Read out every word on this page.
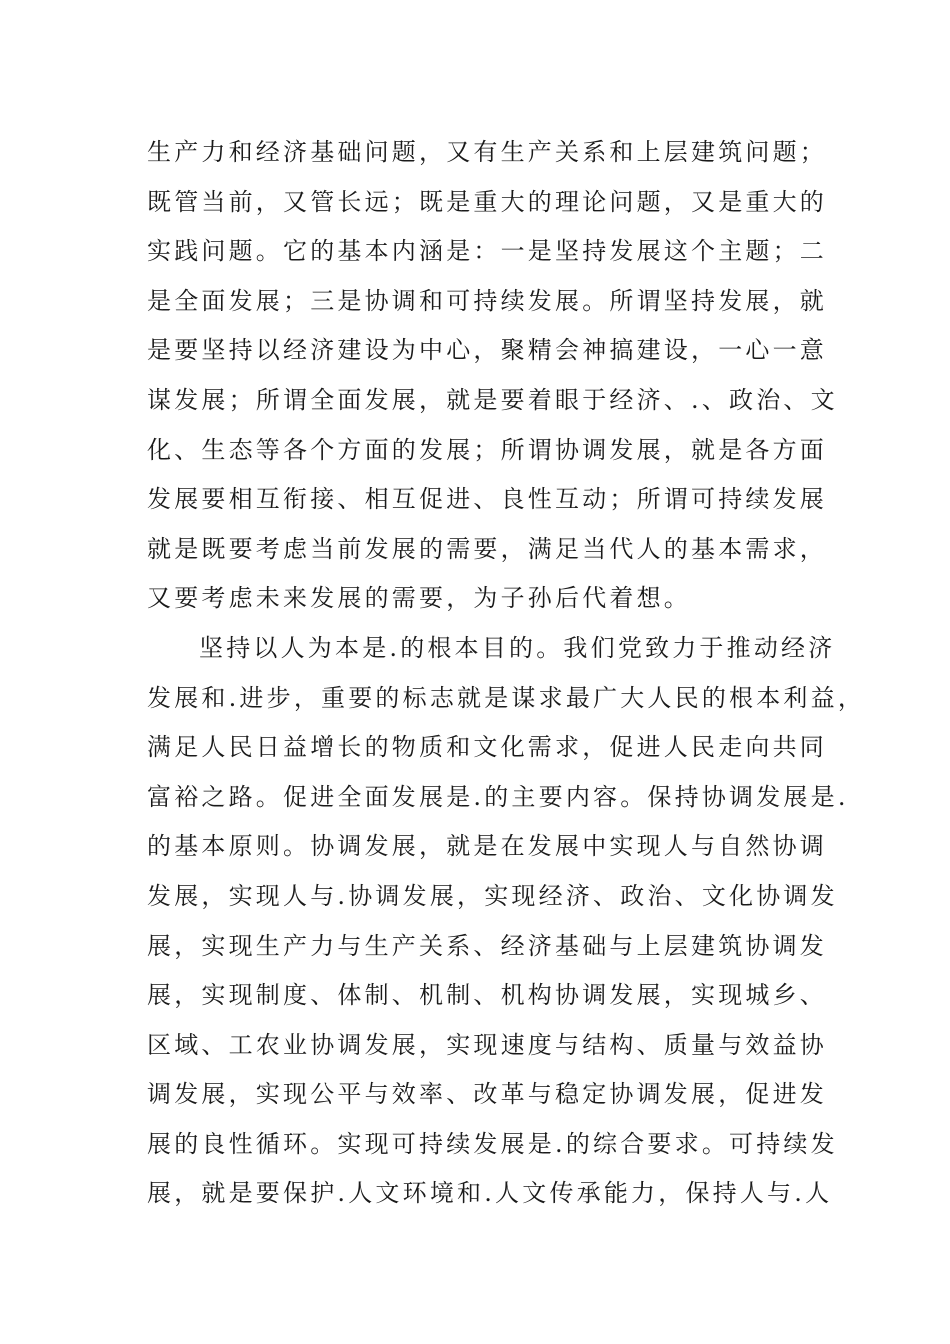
生产力和经济基础问题，又有生产关系和上层建筑问题；
既管当前，又管长远；既是重大的理论问题，又是重大的
实践问题。它的基本内涵是：一是坚持发展这个主题；二
是全面发展；三是协调和可持续发展。所谓坚持发展，就
是要坚持以经济建设为中心，聚精会神搞建设，一心一意
谋发展；所谓全面发展，就是要着眼于经济、.、政治、文
化、生态等各个方面的发展；所谓协调发展，就是各方面
发展要相互衔接、相互促进、良性互动；所谓可持续发展
就是既要考虑当前发展的需要，满足当代人的基本需求，
又要考虑未来发展的需要，为子孙后代着想。
坚持以人为本是.的根本目的。我们党致力于推动经济
发展和.进步，重要的标志就是谋求最广大人民的根本利益，
满足人民日益增长的物质和文化需求，促进人民走向共同
富裕之路。促进全面发展是.的主要内容。保持协调发展是.
的基本原则。协调发展，就是在发展中实现人与自然协调
发展，实现人与.协调发展，实现经济、政治、文化协调发
展，实现生产力与生产关系、经济基础与上层建筑协调发
展，实现制度、体制、机制、机构协调发展，实现城乡、
区域、工农业协调发展，实现速度与结构、质量与效益协
调发展，实现公平与效率、改革与稳定协调发展，促进发
展的良性循环。实现可持续发展是.的综合要求。可持续发
展，就是要保护.人文环境和.人文传承能力，保持人与.人
